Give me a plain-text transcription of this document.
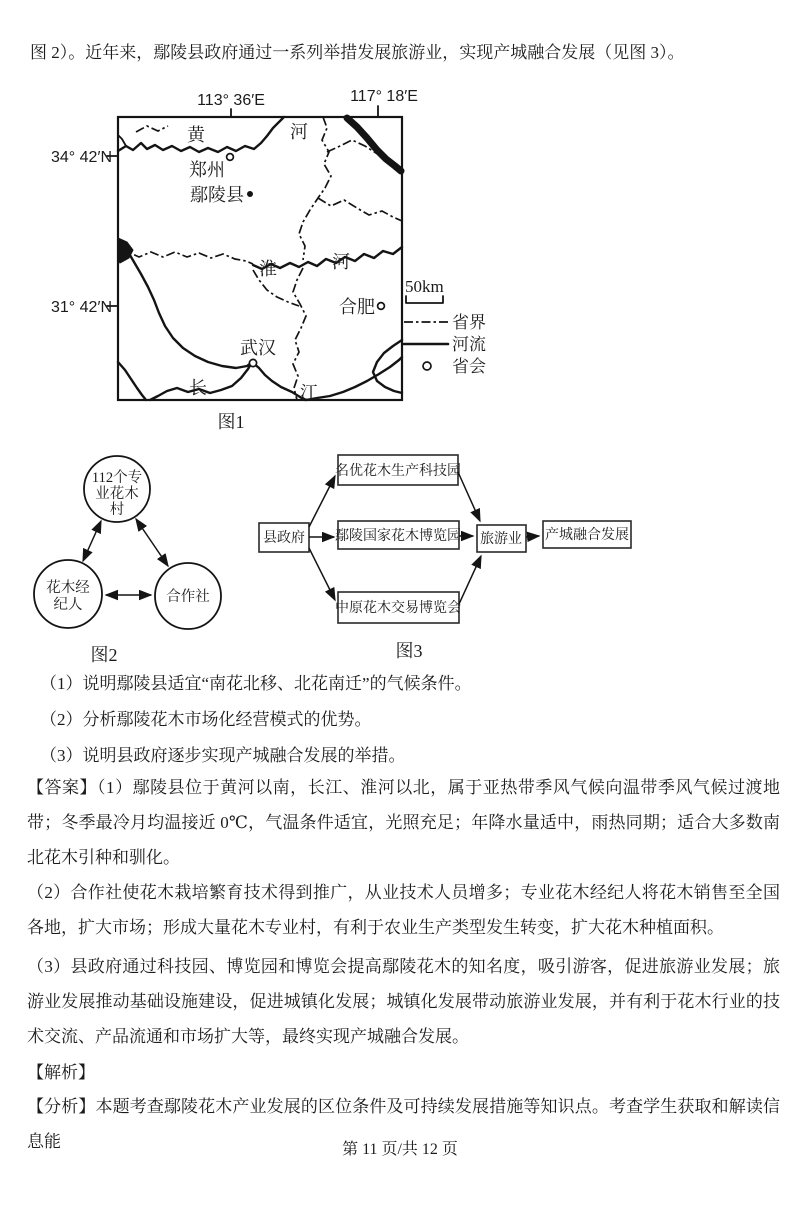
图 2）。近年来，鄢陵县政府通过一系列举措发展旅游业，实现产城融合发展（见图 3）。
113° 36′E	117° 18′E
34° 42′N
31° 42′N
黄	河
淮	河
长	江
郑州
鄢陵县
合肥
武汉
50km
省界
河流
省会
图1
112个专
业花木
村
花木经
纪人	合作社
图2
县政府
名优花木生产科技园
鄢陵国家花木博览园
中原花木交易博览会
旅游业 产城融合发展
图3
（1）说明鄢陵县适宜“南花北移、北花南迁”的气候条件。
（2）分析鄢陵花木市场化经营模式的优势。
（3）说明县政府逐步实现产城融合发展的举措。
【答案】（1）鄢陵县位于黄河以南，长江、淮河以北，属于亚热带季风气候向温带季风气候过渡地带；冬季最冷月均温接近 0℃，气温条件适宜，光照充足；年降水量适中，雨热同期；适合大多数南北花木引种和驯化。
（2）合作社使花木栽培繁育技术得到推广，从业技术人员增多；专业花木经纪人将花木销售至全国各地，扩大市场；形成大量花木专业村，有利于农业生产类型发生转变，扩大花木种植面积。
（3）县政府通过科技园、博览园和博览会提高鄢陵花木的知名度，吸引游客，促进旅游业发展；旅游业发展推动基础设施建设，促进城镇化发展；城镇化发展带动旅游业发展，并有利于花木行业的技术交流、产品流通和市场扩大等，最终实现产城融合发展。
【解析】
【分析】本题考查鄢陵花木产业发展的区位条件及可持续发展措施等知识点。考查学生获取和解读信息能	第 11 页/共 12 页
